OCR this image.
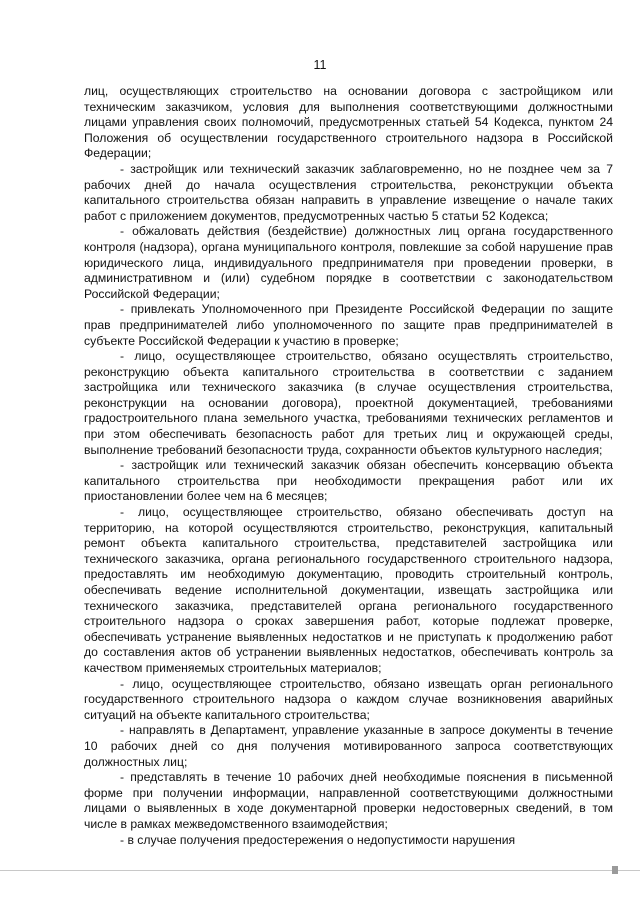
11

лиц, осуществляющих строительство на основании договора с застройщиком или техническим заказчиком, условия для выполнения соответствующими должностными лицами управления своих полномочий, предусмотренных статьей 54 Кодекса, пунктом 24 Положения об осуществлении государственного строительного надзора в Российской Федерации;

- застройщик или технический заказчик заблаговременно, но не позднее чем за 7 рабочих дней до начала осуществления строительства, реконструкции объекта капитального строительства обязан направить в управление извещение о начале таких работ с приложением документов, предусмотренных частью 5 статьи 52 Кодекса;

- обжаловать действия (бездействие) должностных лиц органа государственного контроля (надзора), органа муниципального контроля, повлекшие за собой нарушение прав юридического лица, индивидуального предпринимателя при проведении проверки, в административном и (или) судебном порядке в соответствии с законодательством Российской Федерации;

- привлекать Уполномоченного при Президенте Российской Федерации по защите прав предпринимателей либо уполномоченного по защите прав предпринимателей в субъекте Российской Федерации к участию в проверке;

- лицо, осуществляющее строительство, обязано осуществлять строительство, реконструкцию объекта капитального строительства в соответствии с заданием застройщика или технического заказчика (в случае осуществления строительства, реконструкции на основании договора), проектной документацией, требованиями градостроительного плана земельного участка, требованиями технических регламентов и при этом обеспечивать безопасность работ для третьих лиц и окружающей среды, выполнение требований безопасности труда, сохранности объектов культурного наследия;

- застройщик или технический заказчик обязан обеспечить консервацию объекта капитального строительства при необходимости прекращения работ или их приостановлении более чем на 6 месяцев;

- лицо, осуществляющее строительство, обязано обеспечивать доступ на территорию, на которой осуществляются строительство, реконструкция, капитальный ремонт объекта капитального строительства, представителей застройщика или технического заказчика, органа регионального государственного строительного надзора, предоставлять им необходимую документацию, проводить строительный контроль, обеспечивать ведение исполнительной документации, извещать застройщика или технического заказчика, представителей органа регионального государственного строительного надзора о сроках завершения работ, которые подлежат проверке, обеспечивать устранение выявленных недостатков и не приступать к продолжению работ до составления актов об устранении выявленных недостатков, обеспечивать контроль за качеством применяемых строительных материалов;

- лицо, осуществляющее строительство, обязано извещать орган регионального государственного строительного надзора о каждом случае возникновения аварийных ситуаций на объекте капитального строительства;

- направлять в Департамент, управление указанные в запросе документы в течение 10 рабочих дней со дня получения мотивированного запроса соответствующих должностных лиц;

- представлять в течение 10 рабочих дней необходимые пояснения в письменной форме при получении информации, направленной соответствующими должностными лицами о выявленных в ходе документарной проверки недостоверных сведений, в том числе в рамках межведомственного взаимодействия;

- в случае получения предостережения о недопустимости нарушения
